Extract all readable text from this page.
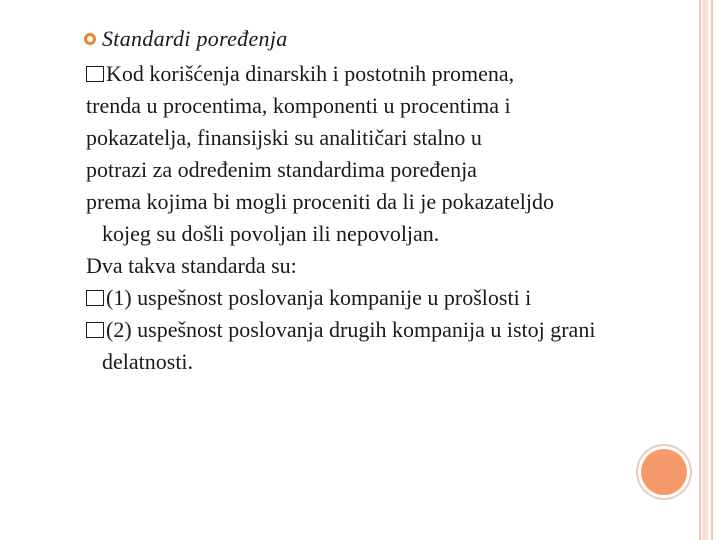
Standardi poređenja
Kod korišćenja dinarskih i postotnih promena,
trenda u procentima, komponenti u procentima i
pokazatelja, finansijski su analitičari stalno u
potrazi za određenim standardima poređenja
prema kojima bi mogli proceniti da li je pokazateljdo
kojeg su došli povoljan ili nepovoljan.
Dva takva standarda su:
(1) uspešnost poslovanja kompanije u prošlosti i
(2) uspešnost poslovanja drugih kompanija u istoj grani
delatnosti.
